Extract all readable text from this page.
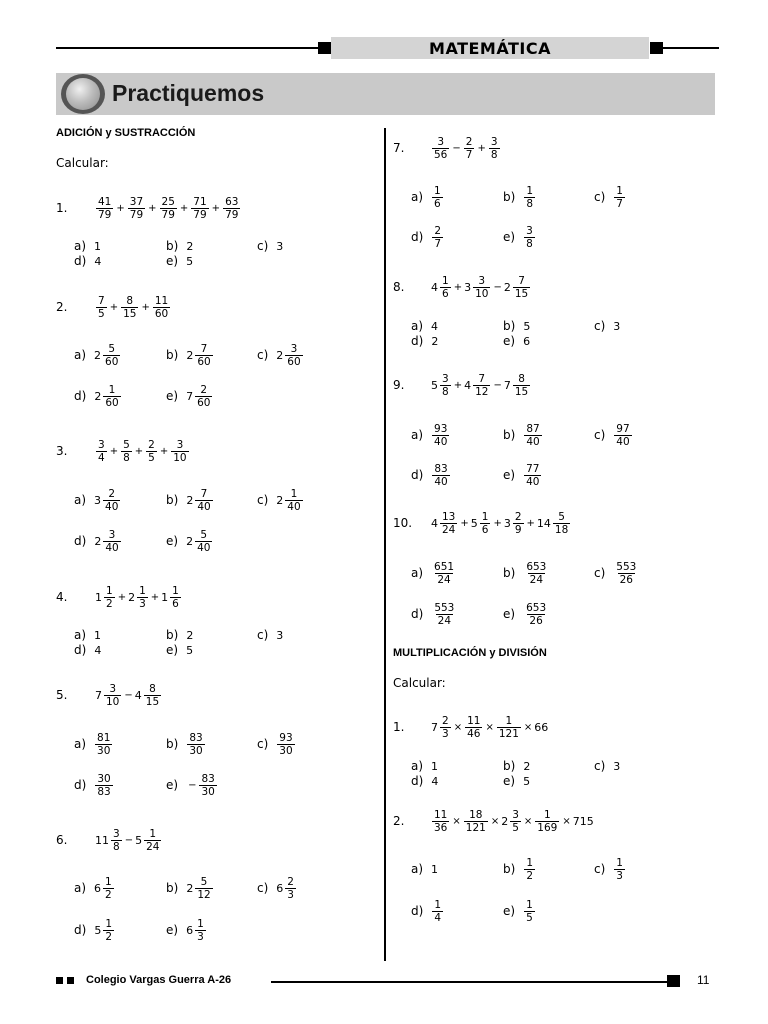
MATEMÁTICA
Practiquemos
ADICIÓN y SUSTRACCIÓN
Calcular:
MULTIPLICACIÓN y DIVISIÓN
Calcular:
1.	$\frac{41}{79} + \frac{37}{79} + \frac{25}{79} + \frac{71}{79} + \frac{63}{79}$
a) 1	b) 2	c) 3
d) 4	e) 5
2.	$\frac{7}{5} + \frac{8}{15} + \frac{11}{60}$
a) $2 \frac{5}{60}$	b) $2 \frac{7}{60}$	c) $2 \frac{3}{60}$
d) $2 \frac{1}{60}$	e) $7 \frac{2}{60}$
3.	$\frac{3}{4} + \frac{5}{8} + \frac{2}{5} + \frac{3}{10}$
a) $3 \frac{2}{40}$	b) $2 \frac{7}{40}$	c) $2 \frac{1}{40}$
d) $2 \frac{3}{40}$	e) $2 \frac{5}{40}$
4.	$1 \frac{1}{2} + 2 \frac{1}{3} + 1 \frac{1}{6}$
a) 1	b) 2	c) 3
d) 4	e) 5
5.	$7 \frac{3}{10} - 4 \frac{8}{15}$
$a) \frac{81}{30}$	$b) \frac{83}{30}$	$c) \frac{93}{30}$
$d) \frac{30}{83}$	$e) - \frac{83}{30}$
6.	$11 \frac{3}{8} - 5 \frac{1}{24}$
a) $6 \frac{1}{2}$	b) $2 \frac{5}{12}$	c) $6 \frac{2}{3}$
d) $5 \frac{1}{2}$	e) $6 \frac{1}{3}$
7.	$\frac{3}{56} - \frac{2}{7} + \frac{3}{8}$
$a) \frac{1}{6}$	$b) \frac{1}{8}$	$c) \frac{1}{7}$
$d) \frac{2}{7}$	$e) \frac{3}{8}$
8. $4 \frac{1}{6} + 3 \frac{3}{10} - 2 \frac{7}{15}$
a) 4	b) 5	c) 3
d) 2	e) 6
9. $5 \frac{3}{8} + 4 \frac{7}{12} - 7 \frac{8}{15}$
$a) \frac{93}{40}$	$b) \frac{87}{40}$	$c) \frac{97}{40}$
$d) \frac{83}{40}$	$e) \frac{77}{40}$
10. $4 \frac{13}{24} + 5 \frac{1}{6} + 3 \frac{2}{9} + 14 \frac{5}{18}$
$a) \frac{651}{24}$	$b) \frac{653}{24}$	$c) \frac{553}{26}$
$d) \frac{553}{24}$	$e) \frac{653}{26}$
1. $7 \frac{2}{3} \times \frac{11}{46} \times \frac{1}{121} \times 66$
a) 1	b) 2	c) 3
d) 4	e) 5
2.	$\frac{11}{36} \times \frac{18}{121} \times 2 \frac{3}{5} \times \frac{1}{169} \times 715$
a) 1	$b) \frac{1}{2}$	$c) \frac{1}{3}$
$d) \frac{1}{4}$	$e) \frac{1}{5}$
Colegio Vargas Guerra A-26	11
